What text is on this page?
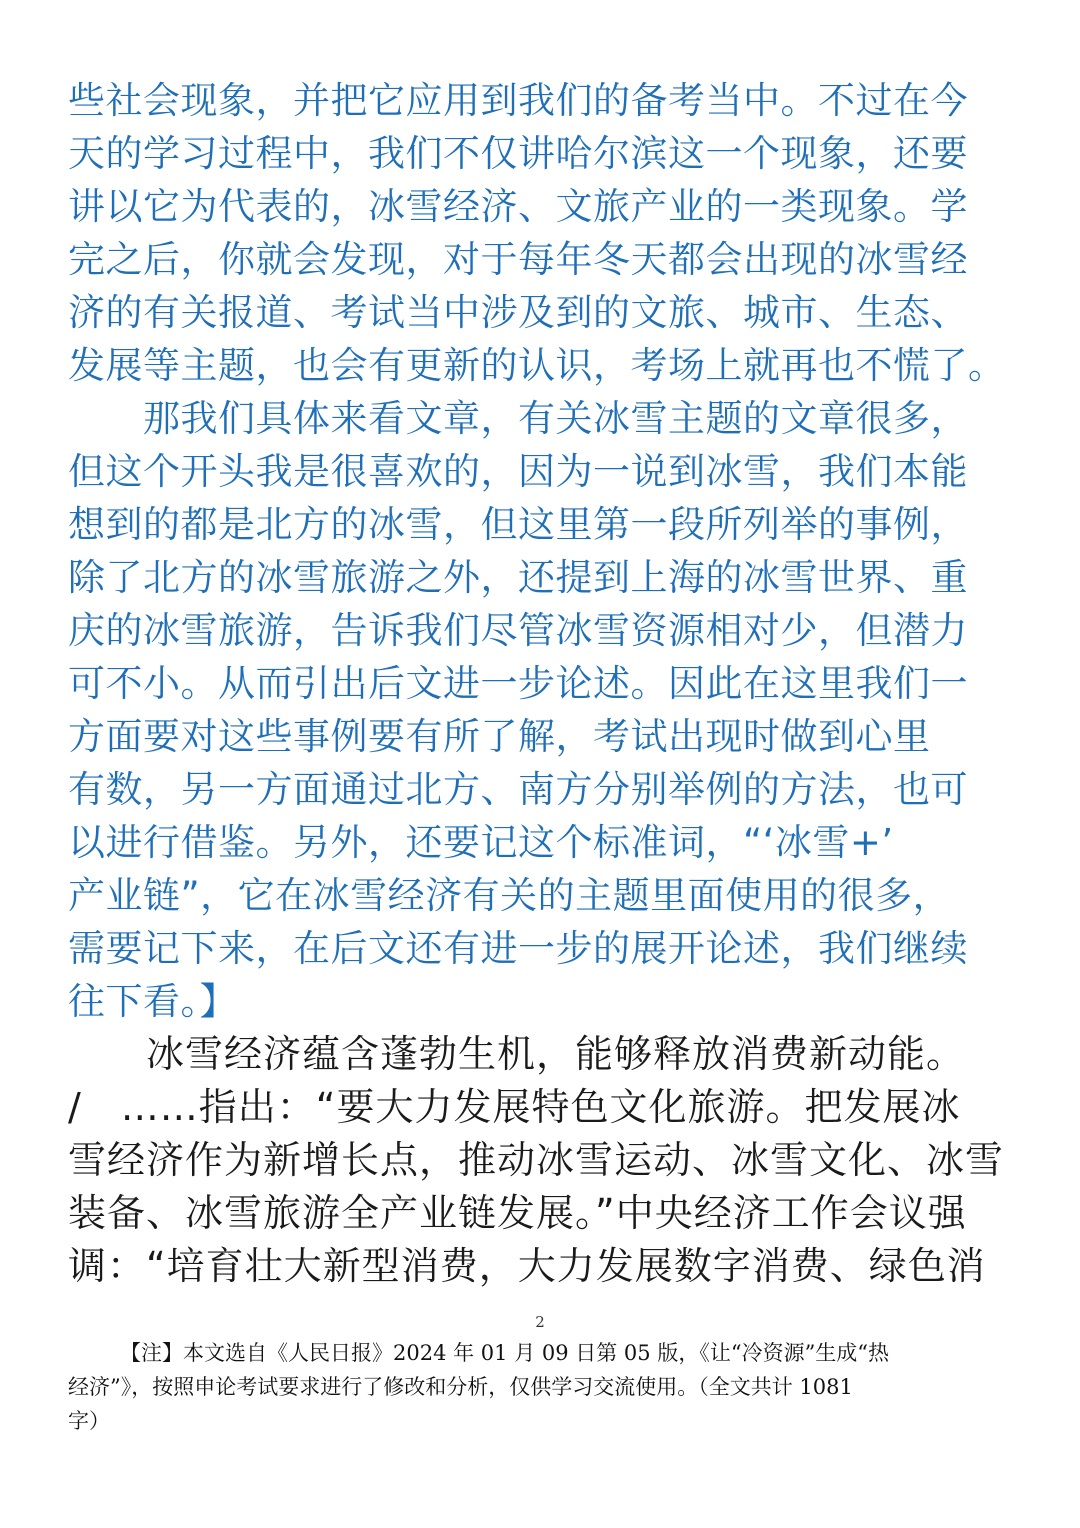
些社会现象，并把它应用到我们的备考当中。不过在今
天的学习过程中，我们不仅讲哈尔滨这一个现象，还要
讲以它为代表的，冰雪经济、文旅产业的一类现象。学
完之后，你就会发现，对于每年冬天都会出现的冰雪经
济的有关报道、考试当中涉及到的文旅、城市、生态、
发展等主题，也会有更新的认识，考场上就再也不慌了。
　　那我们具体来看文章，有关冰雪主题的文章很多，
但这个开头我是很喜欢的，因为一说到冰雪，我们本能
想到的都是北方的冰雪，但这里第一段所列举的事例，
除了北方的冰雪旅游之外，还提到上海的冰雪世界、重
庆的冰雪旅游，告诉我们尽管冰雪资源相对少，但潜力
可不小。从而引出后文进一步论述。因此在这里我们一
方面要对这些事例要有所了解，考试出现时做到心里
有数，另一方面通过北方、南方分别举例的方法，也可
以进行借鉴。另外，还要记这个标准词，“‘冰雪+’
产业链”，它在冰雪经济有关的主题里面使用的很多，
需要记下来，在后文还有进一步的展开论述，我们继续
往下看。】
　　冰雪经济蕴含蓬勃生机，能够释放消费新动能。
/　……指出：“要大力发展特色文化旅游。把发展冰
雪经济作为新增长点，推动冰雪运动、冰雪文化、冰雪
装备、冰雪旅游全产业链发展。”中央经济工作会议强
调：“培育壮大新型消费，大力发展数字消费、绿色消
2
【注】本文选自《人民日报》2024 年 01 月 09 日第 05 版，《让“冷资源”生成“热
经济”》，按照申论考试要求进行了修改和分析，仅供学习交流使用。（全文共计 1081
字）
